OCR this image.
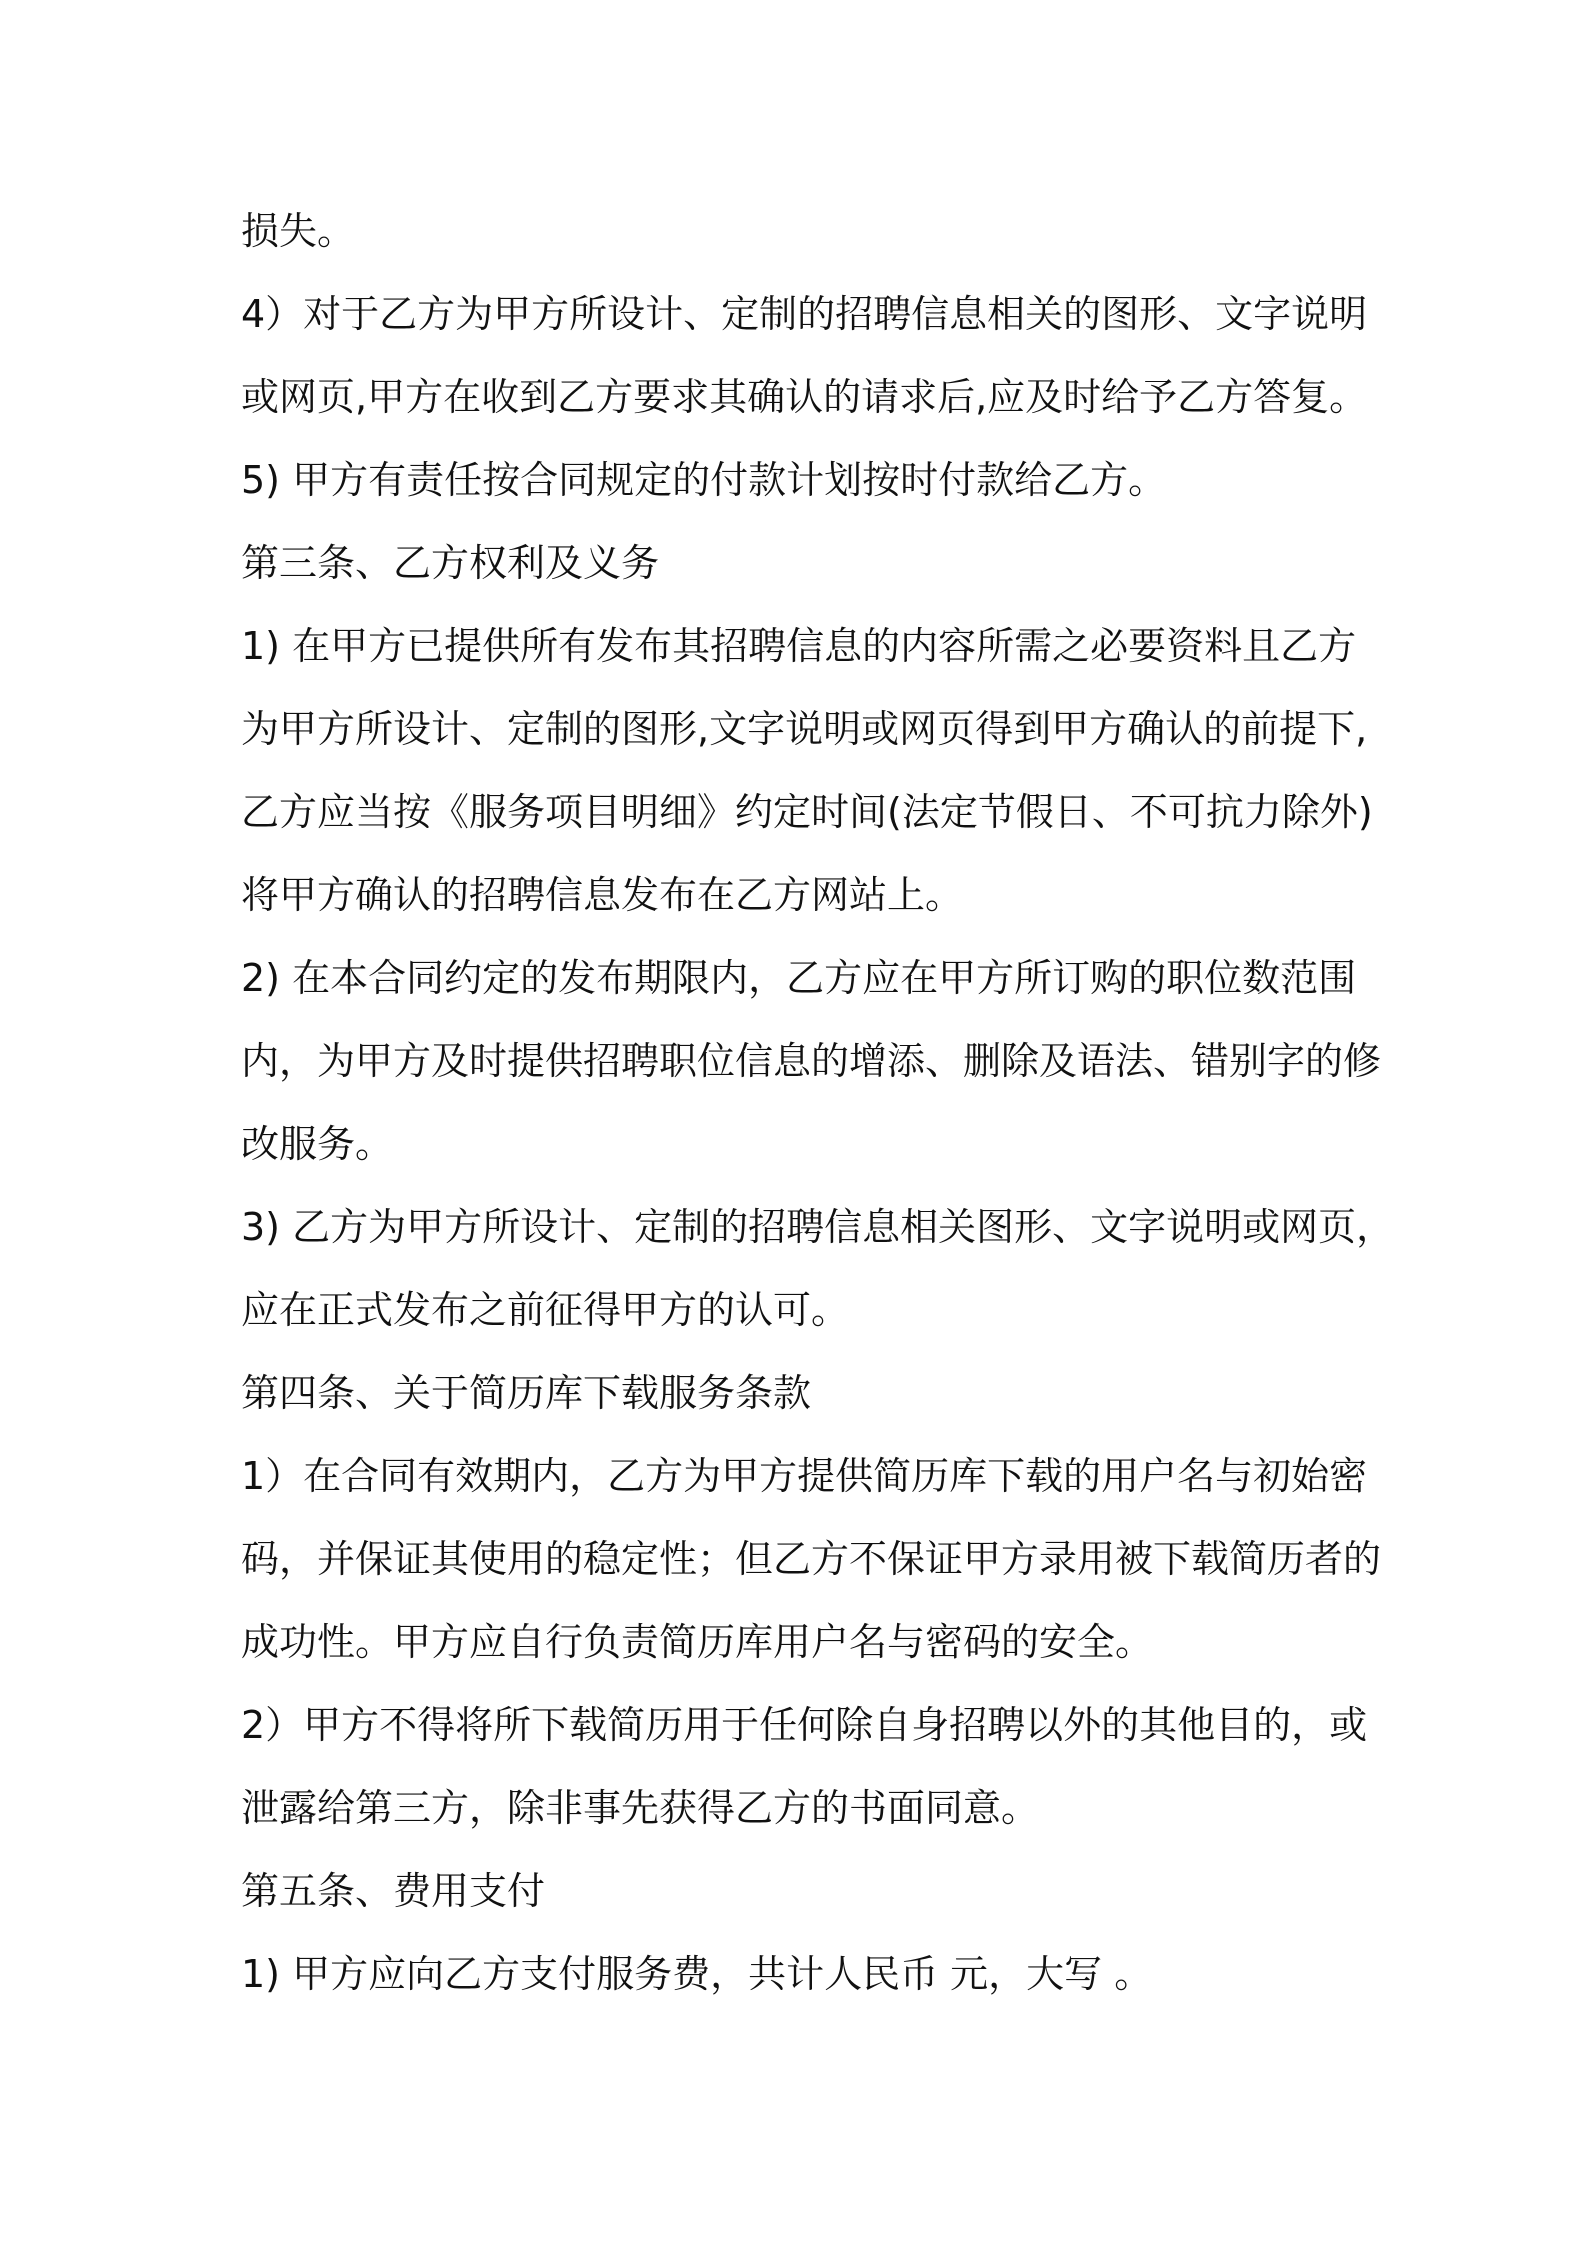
损失。
4）对于乙方为甲方所设计、定制的招聘信息相关的图形、文字说明
或网页,甲方在收到乙方要求其确认的请求后,应及时给予乙方答复。
5) 甲方有责任按合同规定的付款计划按时付款给乙方。
第三条、乙方权利及义务
1) 在甲方已提供所有发布其招聘信息的内容所需之必要资料且乙方
为甲方所设计、定制的图形,文字说明或网页得到甲方确认的前提下,
乙方应当按《服务项目明细》约定时间(法定节假日、不可抗力除外)
将甲方确认的招聘信息发布在乙方网站上。
2) 在本合同约定的发布期限内，乙方应在甲方所订购的职位数范围
内，为甲方及时提供招聘职位信息的增添、删除及语法、错别字的修
改服务。
3) 乙方为甲方所设计、定制的招聘信息相关图形、文字说明或网页，
应在正式发布之前征得甲方的认可。
第四条、关于简历库下载服务条款
1）在合同有效期内，乙方为甲方提供简历库下载的用户名与初始密
码，并保证其使用的稳定性；但乙方不保证甲方录用被下载简历者的
成功性。甲方应自行负责简历库用户名与密码的安全。
2）甲方不得将所下载简历用于任何除自身招聘以外的其他目的，或
泄露给第三方，除非事先获得乙方的书面同意。
第五条、费用支付
1) 甲方应向乙方支付服务费，共计人民币 元，大写 。
